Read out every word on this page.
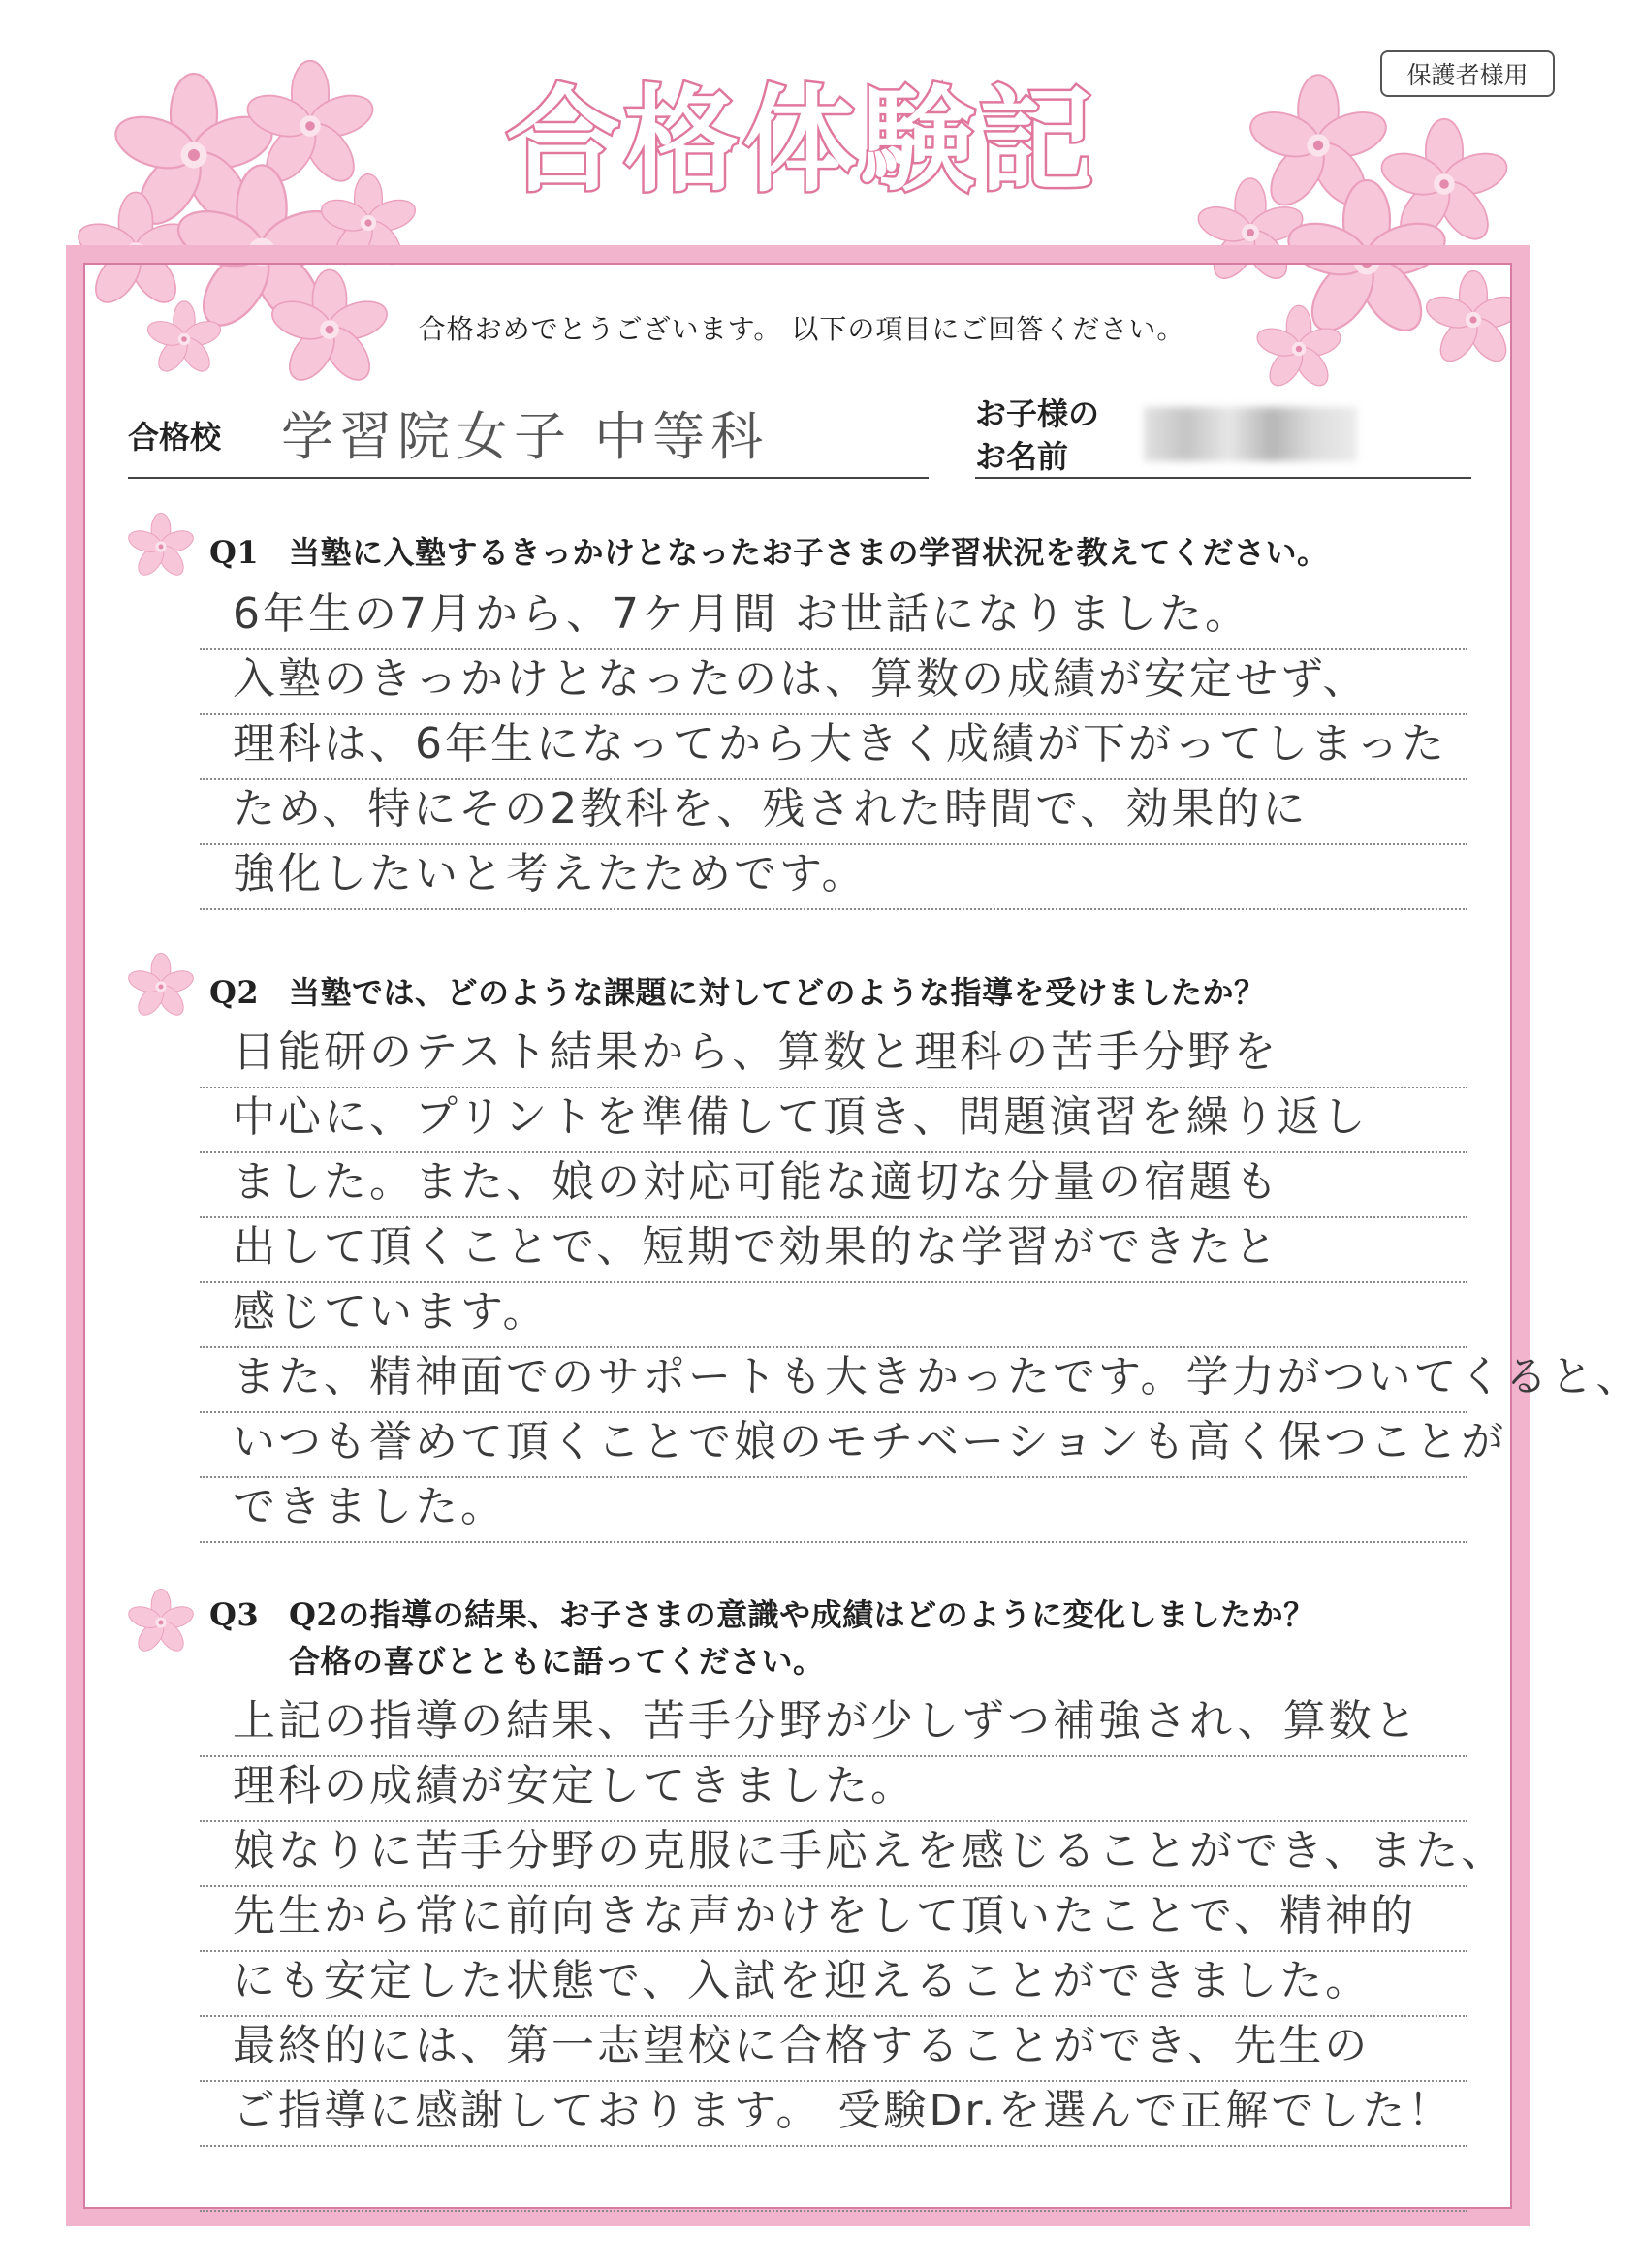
保護者様用
合格体験記
合格おめでとうございます。 以下の項目にご回答ください。
合格校 学習院女子 中等科	お子様の
お名前
Q1 当塾に入塾するきっかけとなったお子さまの学習状況を教えてください。
6年生の7月から、7ケ月間 お世話になりました。
入塾のきっかけとなったのは、算数の成績が安定せず、
理科は、6年生になってから大きく成績が下がってしまった
ため、特にその2教科を、残された時間で、効果的に
強化したいと考えたためです。
Q2 当塾では、どのような課題に対してどのような指導を受けましたか？
日能研のテスト結果から、算数と理科の苦手分野を
中心に、プリントを準備して頂き、問題演習を繰り返し
ました。また、娘の対応可能な適切な分量の宿題も
出して頂くことで、短期で効果的な学習ができたと
感じています。
また、精神面でのサポートも大きかったです。学力がついてくると、
いつも誉めて頂くことで娘のモチベーションも高く保つことが
できました。
Q3 Q2の指導の結果、お子さまの意識や成績はどのように変化しましたか？
合格の喜びとともに語ってください。
上記の指導の結果、苦手分野が少しずつ補強され、算数と
理科の成績が安定してきました。
娘なりに苦手分野の克服に手応えを感じることができ、また、
先生から常に前向きな声かけをして頂いたことで、精神的
にも安定した状態で、入試を迎えることができました。
最終的には、第一志望校に合格することができ、先生の
ご指導に感謝しております。 受験Dr.を選んで正解でした！
